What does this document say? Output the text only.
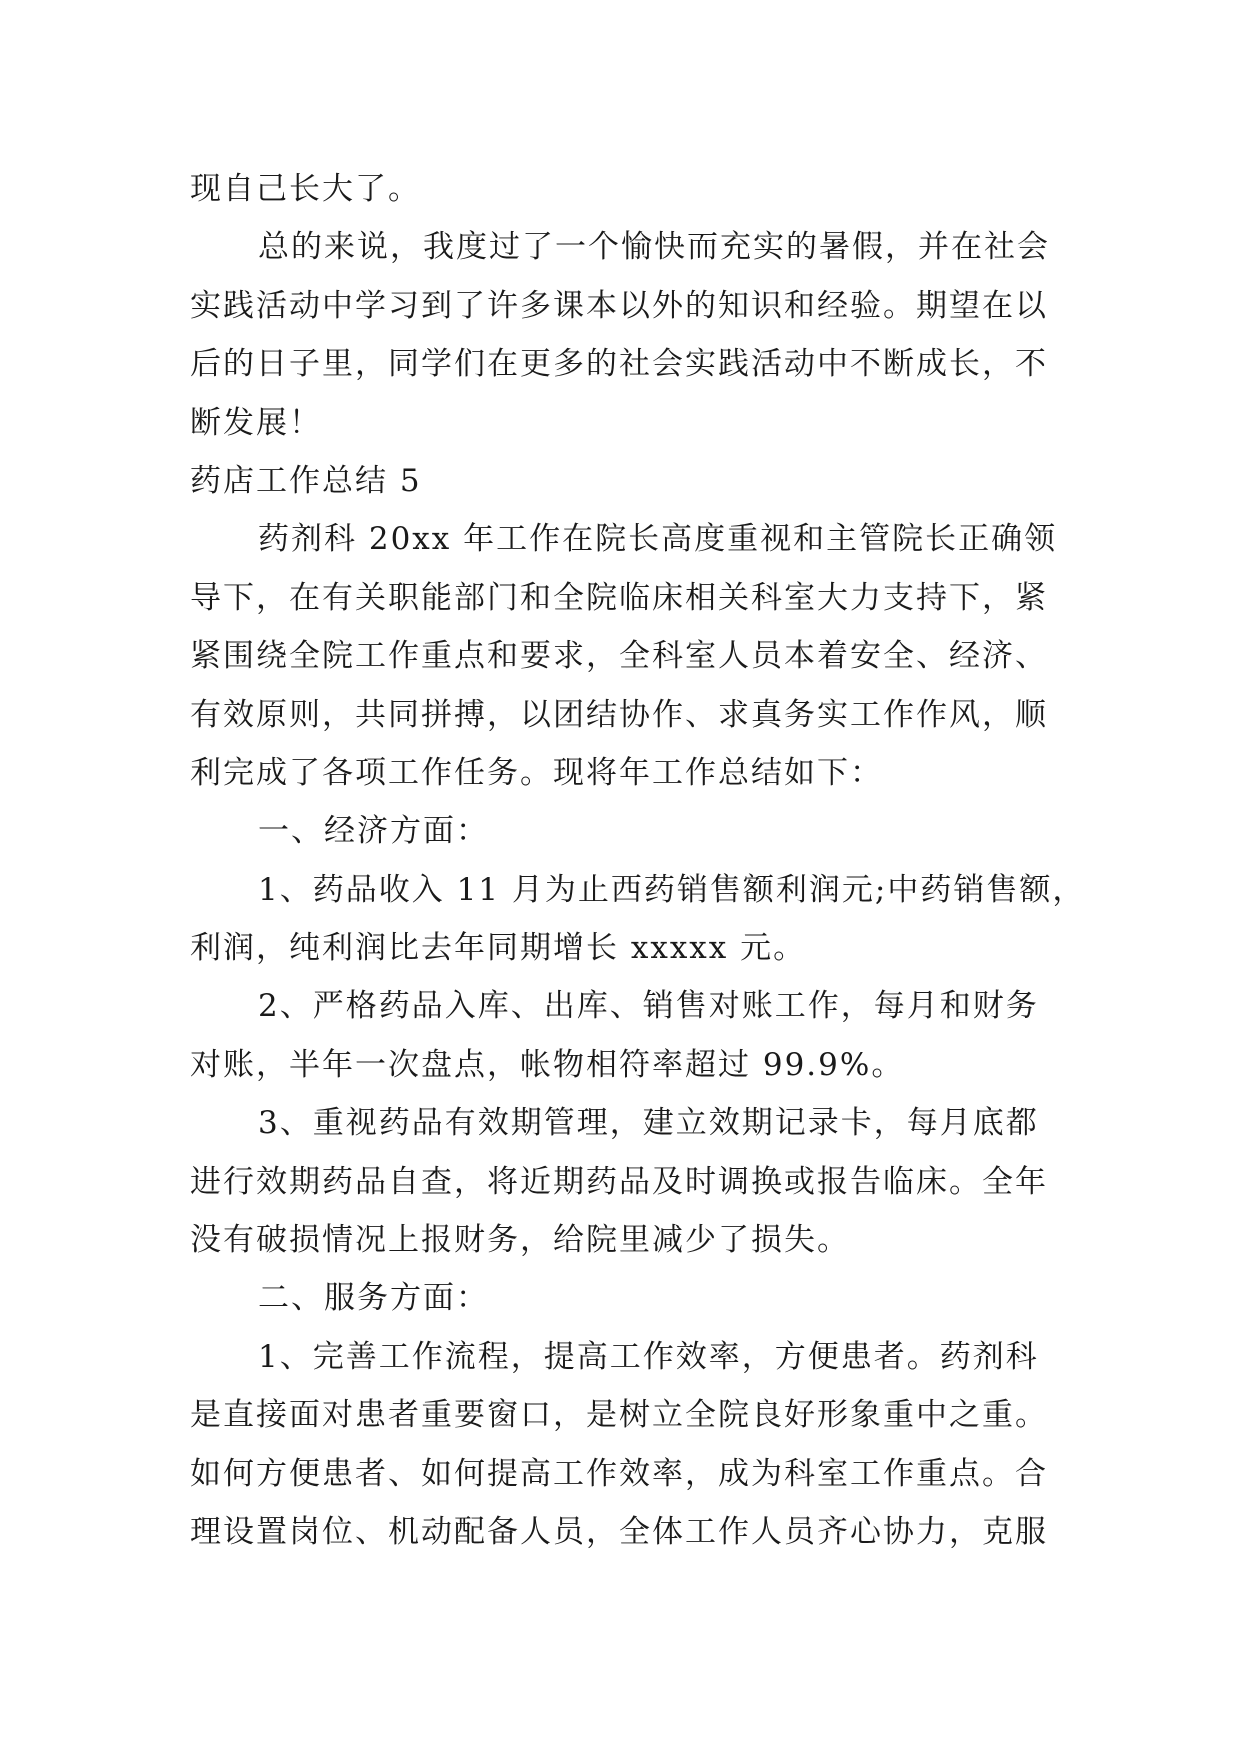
现自己长大了。
总的来说，我度过了一个愉快而充实的暑假，并在社会
实践活动中学习到了许多课本以外的知识和经验。期望在以
后的日子里，同学们在更多的社会实践活动中不断成长，不
断发展！
药店工作总结 5
药剂科 20xx 年工作在院长高度重视和主管院长正确领
导下，在有关职能部门和全院临床相关科室大力支持下，紧
紧围绕全院工作重点和要求，全科室人员本着安全、经济、
有效原则，共同拼搏，以团结协作、求真务实工作作风，顺
利完成了各项工作任务。现将年工作总结如下：
一、经济方面：
1、药品收入 11 月为止西药销售额利润元;中药销售额，
利润，纯利润比去年同期增长 xxxxx 元。
2、严格药品入库、出库、销售对账工作，每月和财务
对账，半年一次盘点，帐物相符率超过 99.9%。
3、重视药品有效期管理，建立效期记录卡，每月底都
进行效期药品自查，将近期药品及时调换或报告临床。全年
没有破损情况上报财务，给院里减少了损失。
二、服务方面：
1、完善工作流程，提高工作效率，方便患者。药剂科
是直接面对患者重要窗口，是树立全院良好形象重中之重。
如何方便患者、如何提高工作效率，成为科室工作重点。合
理设置岗位、机动配备人员，全体工作人员齐心协力，克服
